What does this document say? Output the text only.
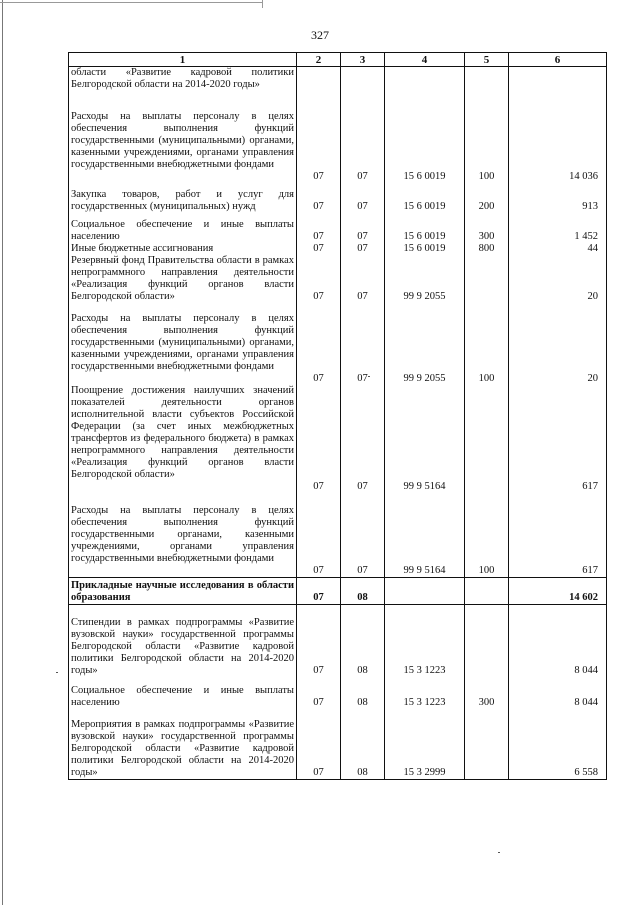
327
1	2	3	4	5	6
области «Развитие кадровой политики Белгородской области на 2014-2020 годы»					
Расходы на выплаты персоналу в целях обеспечения выполнения функций государственными (муниципальными) органами, казенными учреждениями, органами управления государственными внебюджетными фондами	07	07	15 6 0019	100	14 036
Закупка товаров, работ и услуг для государственных (муниципальных) нужд	07	07	15 6 0019	200	913
Социальное обеспечение и иные выплаты населению	07	07	15 6 0019	300	1 452
Иные бюджетные ассигнования	07	07	15 6 0019	800	44
Резервный фонд Правительства области в рамках непрограммного направления деятельности «Реализация функций органов власти Белгородской области»	07	07	99 9 2055		20
Расходы на выплаты персоналу в целях обеспечения выполнения функций государственными (муниципальными) органами, казенными учреждениями, органами управления государственными внебюджетными фондами	07	07	99 9 2055	100	20
Поощрение достижения наилучших значений показателей деятельности органов исполнительной власти субъектов Российской Федерации (за счет иных межбюджетных трансфертов из федерального бюджета) в рамках непрограммного направления деятельности «Реализация функций органов власти Белгородской области»	07	07	99 9 5164		617
Расходы на выплаты персоналу в целях обеспечения выполнения функций государственными органами, казенными учреждениями, органами управления государственными внебюджетными фондами	07	07	99 9 5164	100	617
Прикладные научные исследования в области образования	07	08			14 602
Стипендии в рамках подпрограммы «Развитие вузовской науки» государственной программы Белгородской области «Развитие кадровой политики Белгородской области на 2014-2020 годы»	07	08	15 3 1223		8 044
Социальное обеспечение и иные выплаты населению	07	08	15 3 1223	300	8 044
Мероприятия в рамках подпрограммы «Развитие вузовской науки» государственной программы Белгородской области «Развитие кадровой политики Белгородской области на 2014-2020 годы»	07	08	15 3 2999		6 558
